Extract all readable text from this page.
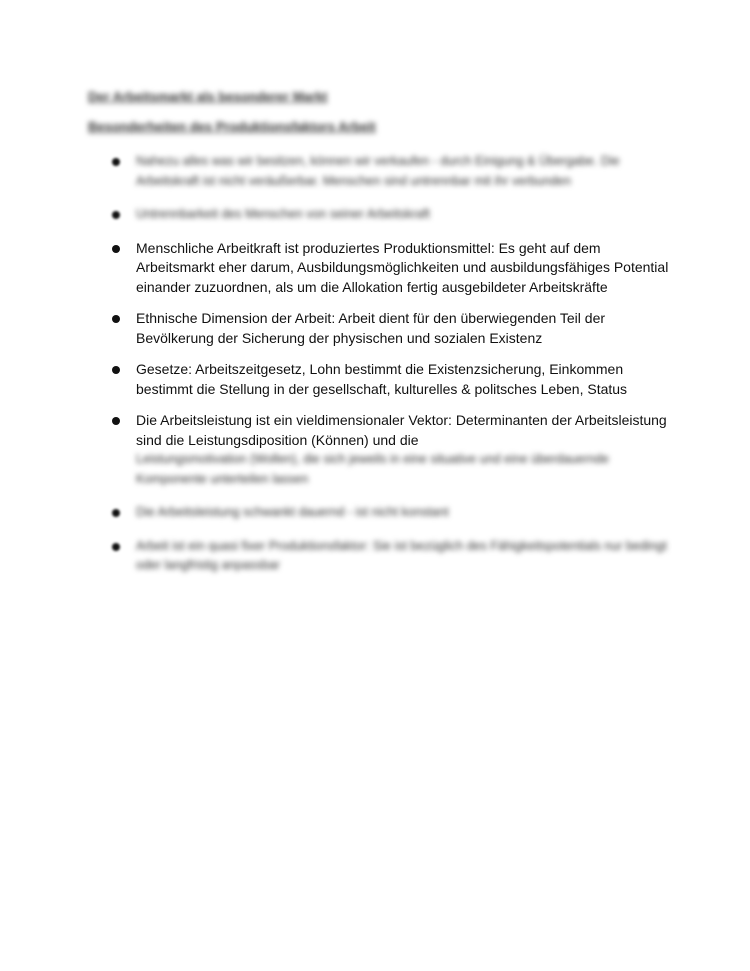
Der Arbeitsmarkt als besonderer Markt
Besonderheiten des Produktionsfaktors Arbeit
Nahezu alles was wir besitzen, können wir verkaufen - durch Einigung & Übergabe. Die Arbeitskraft ist nicht veräußerbar. Menschen sind untrennbar mit ihr verbunden
Untrennbarkeit des Menschen von seiner Arbeitskraft
Menschliche Arbeitkraft ist produziertes Produktionsmittel: Es geht auf dem Arbeitsmarkt eher darum, Ausbildungsmöglichkeiten und ausbildungsfähiges Potential einander zuzuordnen, als um die Allokation fertig ausgebildeter Arbeitskräfte
Ethnische Dimension der Arbeit: Arbeit dient für den überwiegenden Teil der Bevölkerung der Sicherung der physischen und sozialen Existenz
Gesetze: Arbeitszeitgesetz, Lohn bestimmt die Existenzsicherung, Einkommen bestimmt die Stellung in der gesellschaft, kulturelles & politsches Leben, Status
Die Arbeitsleistung ist ein vieldimensionaler Vektor: Determinanten der Arbeitsleistung sind die Leistungsdiposition (Können) und die
Leistungsmotivation (Wollen), die sich jeweils in eine situative und eine überdauernde Komponente unterteilen lassen
Die Arbeitsleistung schwankt dauernd - ist nicht konstant
Arbeit ist ein quasi fixer Produktionsfaktor: Sie ist bezüglich des Fähigkeitspotentials nur bedingt oder langfristig anpassbar
